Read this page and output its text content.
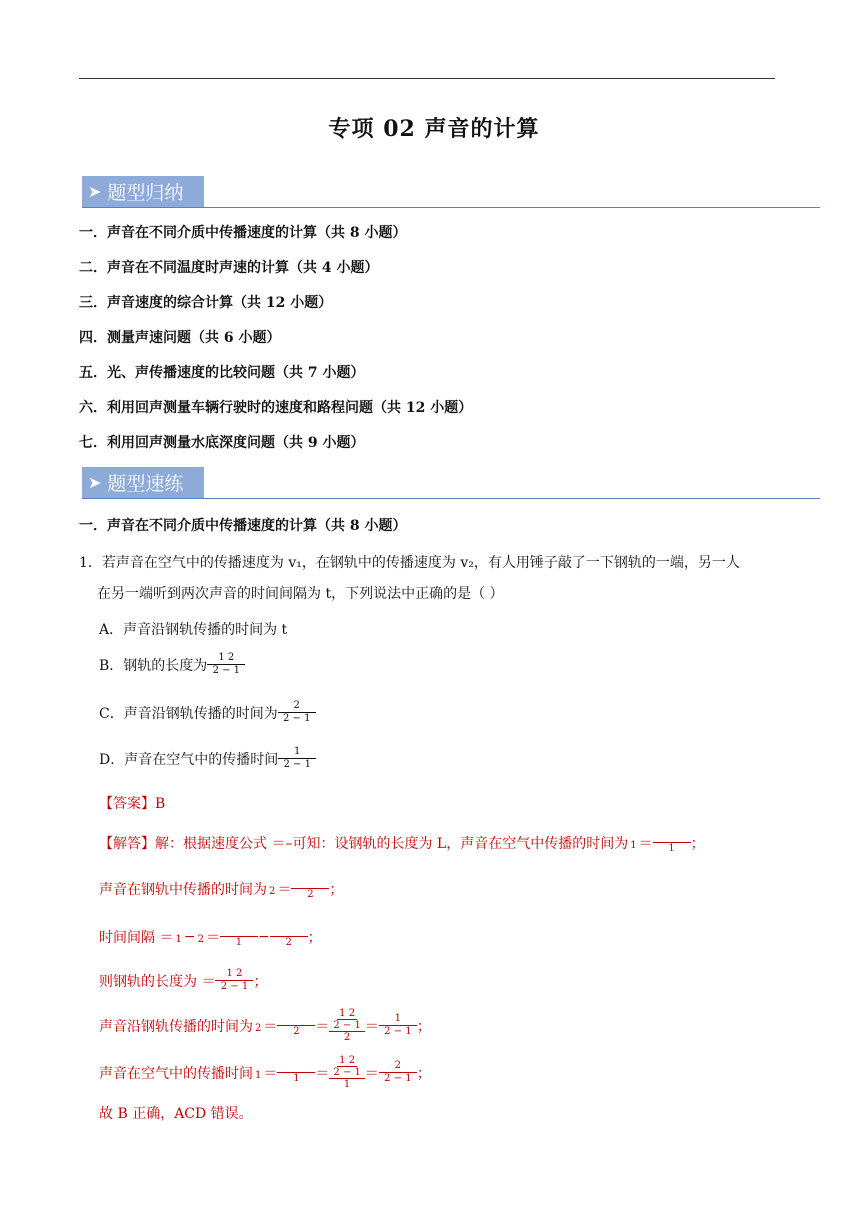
专项 02 声音的计算
➤ 题型归纳
一．声音在不同介质中传播速度的计算（共 8 小题）
二．声音在不同温度时声速的计算（共 4 小题）
三．声音速度的综合计算（共 12 小题）
四．测量声速问题（共 6 小题）
五．光、声传播速度的比较问题（共 7 小题）
六．利用回声测量车辆行驶时的速度和路程问题（共 12 小题）
七．利用回声测量水底深度问题（共 9 小题）
➤ 题型速练
一．声音在不同介质中传播速度的计算（共 8 小题）
1．若声音在空气中的传播速度为 v₁，在钢轨中的传播速度为 v₂，有人用锤子敲了一下钢轨的一端，另一人
在另一端听到两次声音的时间间隔为 t，下列说法中正确的是（ ）
A．声音沿钢轨传播的时间为 t
B．钢轨的长度为 $\frac{1 2}{2 - 1}$
C．声音沿钢轨传播的时间为 $\frac{2}{2 - 1}$
D．声音在空气中的传播时间 $\frac{1}{2 - 1}$
【答案】B
【解答】解：根据速度公式 ＝–可知：设钢轨的长度为 L，声音在空气中传播的时间为 1 ＝
	1 ；
声音在钢轨中传播的时间为 2 ＝
	2 ；
时间间隔 ＝ 1 − 2 ＝
	1 −
	2 ；
则钢轨的长度为 ＝ $\frac{1 2}{2 - 1}$ ；
声音沿钢轨传播的时间为 2 ＝
	2 ＝
1 2
2 − 1
2
＝ $\frac{1}{2 - 1}$ ；
声音在空气中的传播时间 1 ＝
	1 ＝
1 2
2 − 1
1
＝ $\frac{2}{2 - 1}$ ；
故 B 正确，ACD 错误。
